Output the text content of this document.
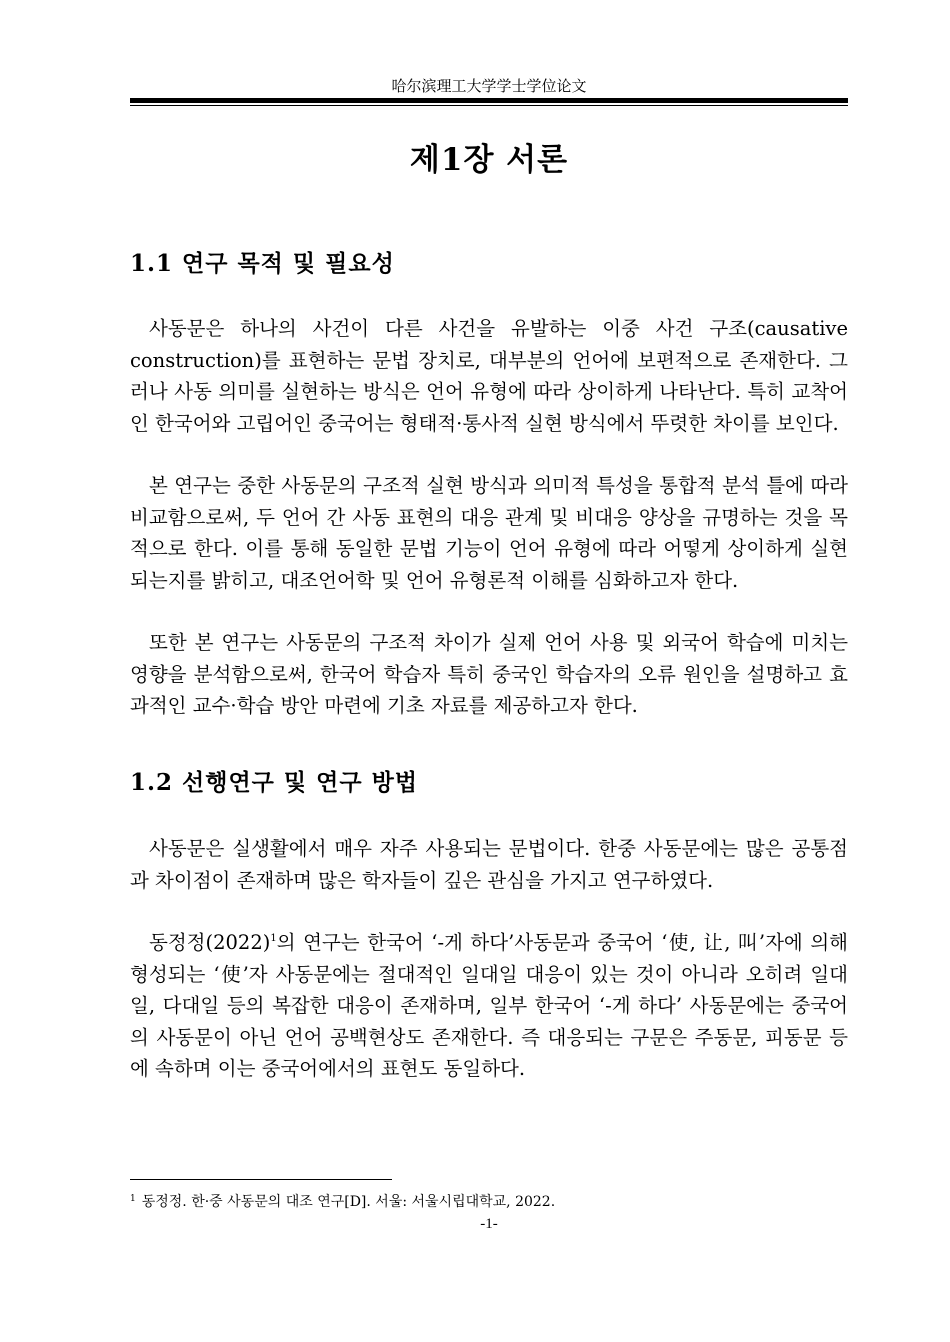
哈尔滨理工大学学士学位论文
제1장 서론
1.1 연구 목적 및 필요성

사동문은 하나의 사건이 다른 사건을 유발하는 이중 사건 구조(causative construction)를 표현하는 문법 장치로, 대부분의 언어에 보편적으로 존재한다. 그러나 사동 의미를 실현하는 방식은 언어 유형에 따라 상이하게 나타난다. 특히 교착어인 한국어와 고립어인 중국어는 형태적·통사적 실현 방식에서 뚜렷한 차이를 보인다.

본 연구는 중한 사동문의 구조적 실현 방식과 의미적 특성을 통합적 분석 틀에 따라 비교함으로써, 두 언어 간 사동 표현의 대응 관계 및 비대응 양상을 규명하는 것을 목적으로 한다. 이를 통해 동일한 문법 기능이 언어 유형에 따라 어떻게 상이하게 실현되는지를 밝히고, 대조언어학 및 언어 유형론적 이해를 심화하고자 한다.

또한 본 연구는 사동문의 구조적 차이가 실제 언어 사용 및 외국어 학습에 미치는 영향을 분석함으로써, 한국어 학습자 특히 중국인 학습자의 오류 원인을 설명하고 효과적인 교수·학습 방안 마련에 기초 자료를 제공하고자 한다.

1.2 선행연구 및 연구 방법

사동문은 실생활에서 매우 자주 사용되는 문법이다. 한중 사동문에는 많은 공통점과 차이점이 존재하며 많은 학자들이 깊은 관심을 가지고 연구하였다.

동정정(2022)$^1$의 연구는 한국어 ‘-게 하다’사동문과 중국어 ‘使, 让, 叫’자에 의해 형성되는 ‘使’자 사동문에는 절대적인 일대일 대응이 있는 것이 아니라 오히려 일대일, 다대일 등의 복잡한 대응이 존재하며, 일부 한국어 ‘-게 하다’ 사동문에는 중국어의 사동문이 아닌 언어 공백현상도 존재한다. 즉 대응되는 구문은 주동문, 피동문 등에 속하며 이는 중국어에서의 표현도 동일하다.

$^1$ 동정정. 한·중 사동문의 대조 연구[D]. 서울: 서울시립대학교, 2022.
-1-
